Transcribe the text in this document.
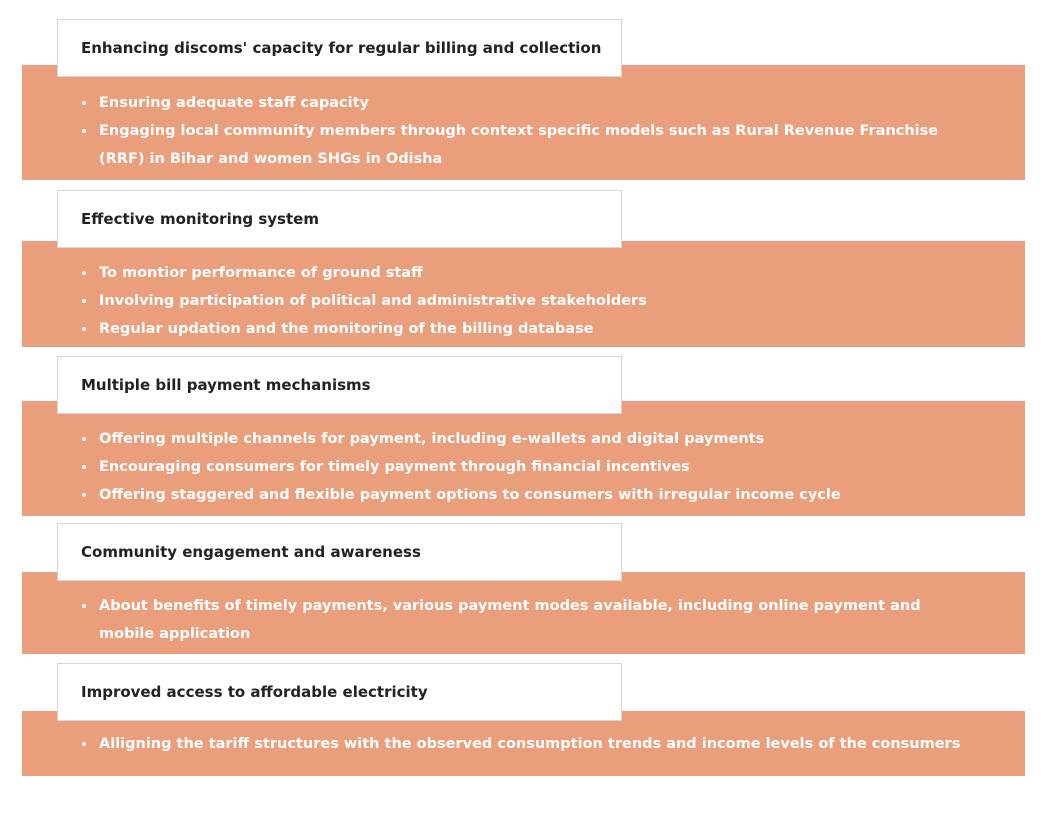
Enhancing discoms' capacity for regular billing and collection
Ensuring adequate staff capacity
Engaging local community members through context specific models such as Rural Revenue Franchise (RRF) in Bihar and women SHGs in Odisha
Effective monitoring system
To montior performance of ground staff
Involving participation of political and administrative stakeholders
Regular updation and the monitoring of the billing database
Multiple bill payment mechanisms
Offering multiple channels for payment, including e-wallets and digital payments
Encouraging consumers for timely payment through financial incentives
Offering staggered and flexible payment options to consumers with irregular income cycle
Community engagement and awareness
About benefits of timely payments, various payment modes available, including online payment and mobile application
Improved access to affordable electricity
Alligning the tariff structures with the observed consumption trends and income levels of the consumers
